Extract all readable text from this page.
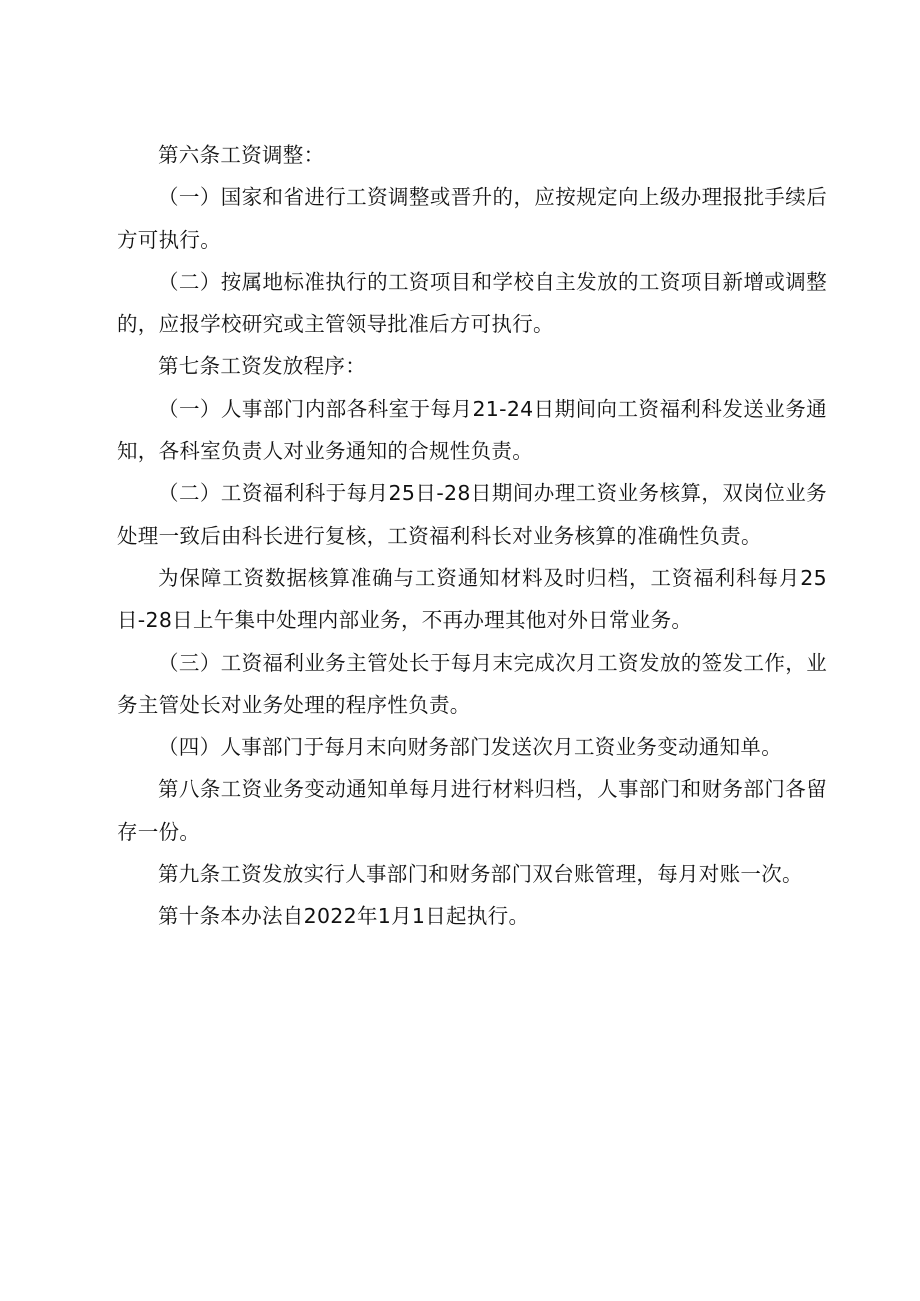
第六条工资调整：

（一）国家和省进行工资调整或晋升的，应按规定向上级办理报批手续后方可执行。

（二）按属地标准执行的工资项目和学校自主发放的工资项目新增或调整的，应报学校研究或主管领导批准后方可执行。

第七条工资发放程序：

（一）人事部门内部各科室于每月21-24日期间向工资福利科发送业务通知，各科室负责人对业务通知的合规性负责。

（二）工资福利科于每月25日-28日期间办理工资业务核算，双岗位业务处理一致后由科长进行复核，工资福利科长对业务核算的准确性负责。

为保障工资数据核算准确与工资通知材料及时归档，工资福利科每月25日-28日上午集中处理内部业务，不再办理其他对外日常业务。

（三）工资福利业务主管处长于每月末完成次月工资发放的签发工作，业务主管处长对业务处理的程序性负责。

（四）人事部门于每月末向财务部门发送次月工资业务变动通知单。

第八条工资业务变动通知单每月进行材料归档，人事部门和财务部门各留存一份。

第九条工资发放实行人事部门和财务部门双台账管理，每月对账一次。

第十条本办法自2022年1月1日起执行。
